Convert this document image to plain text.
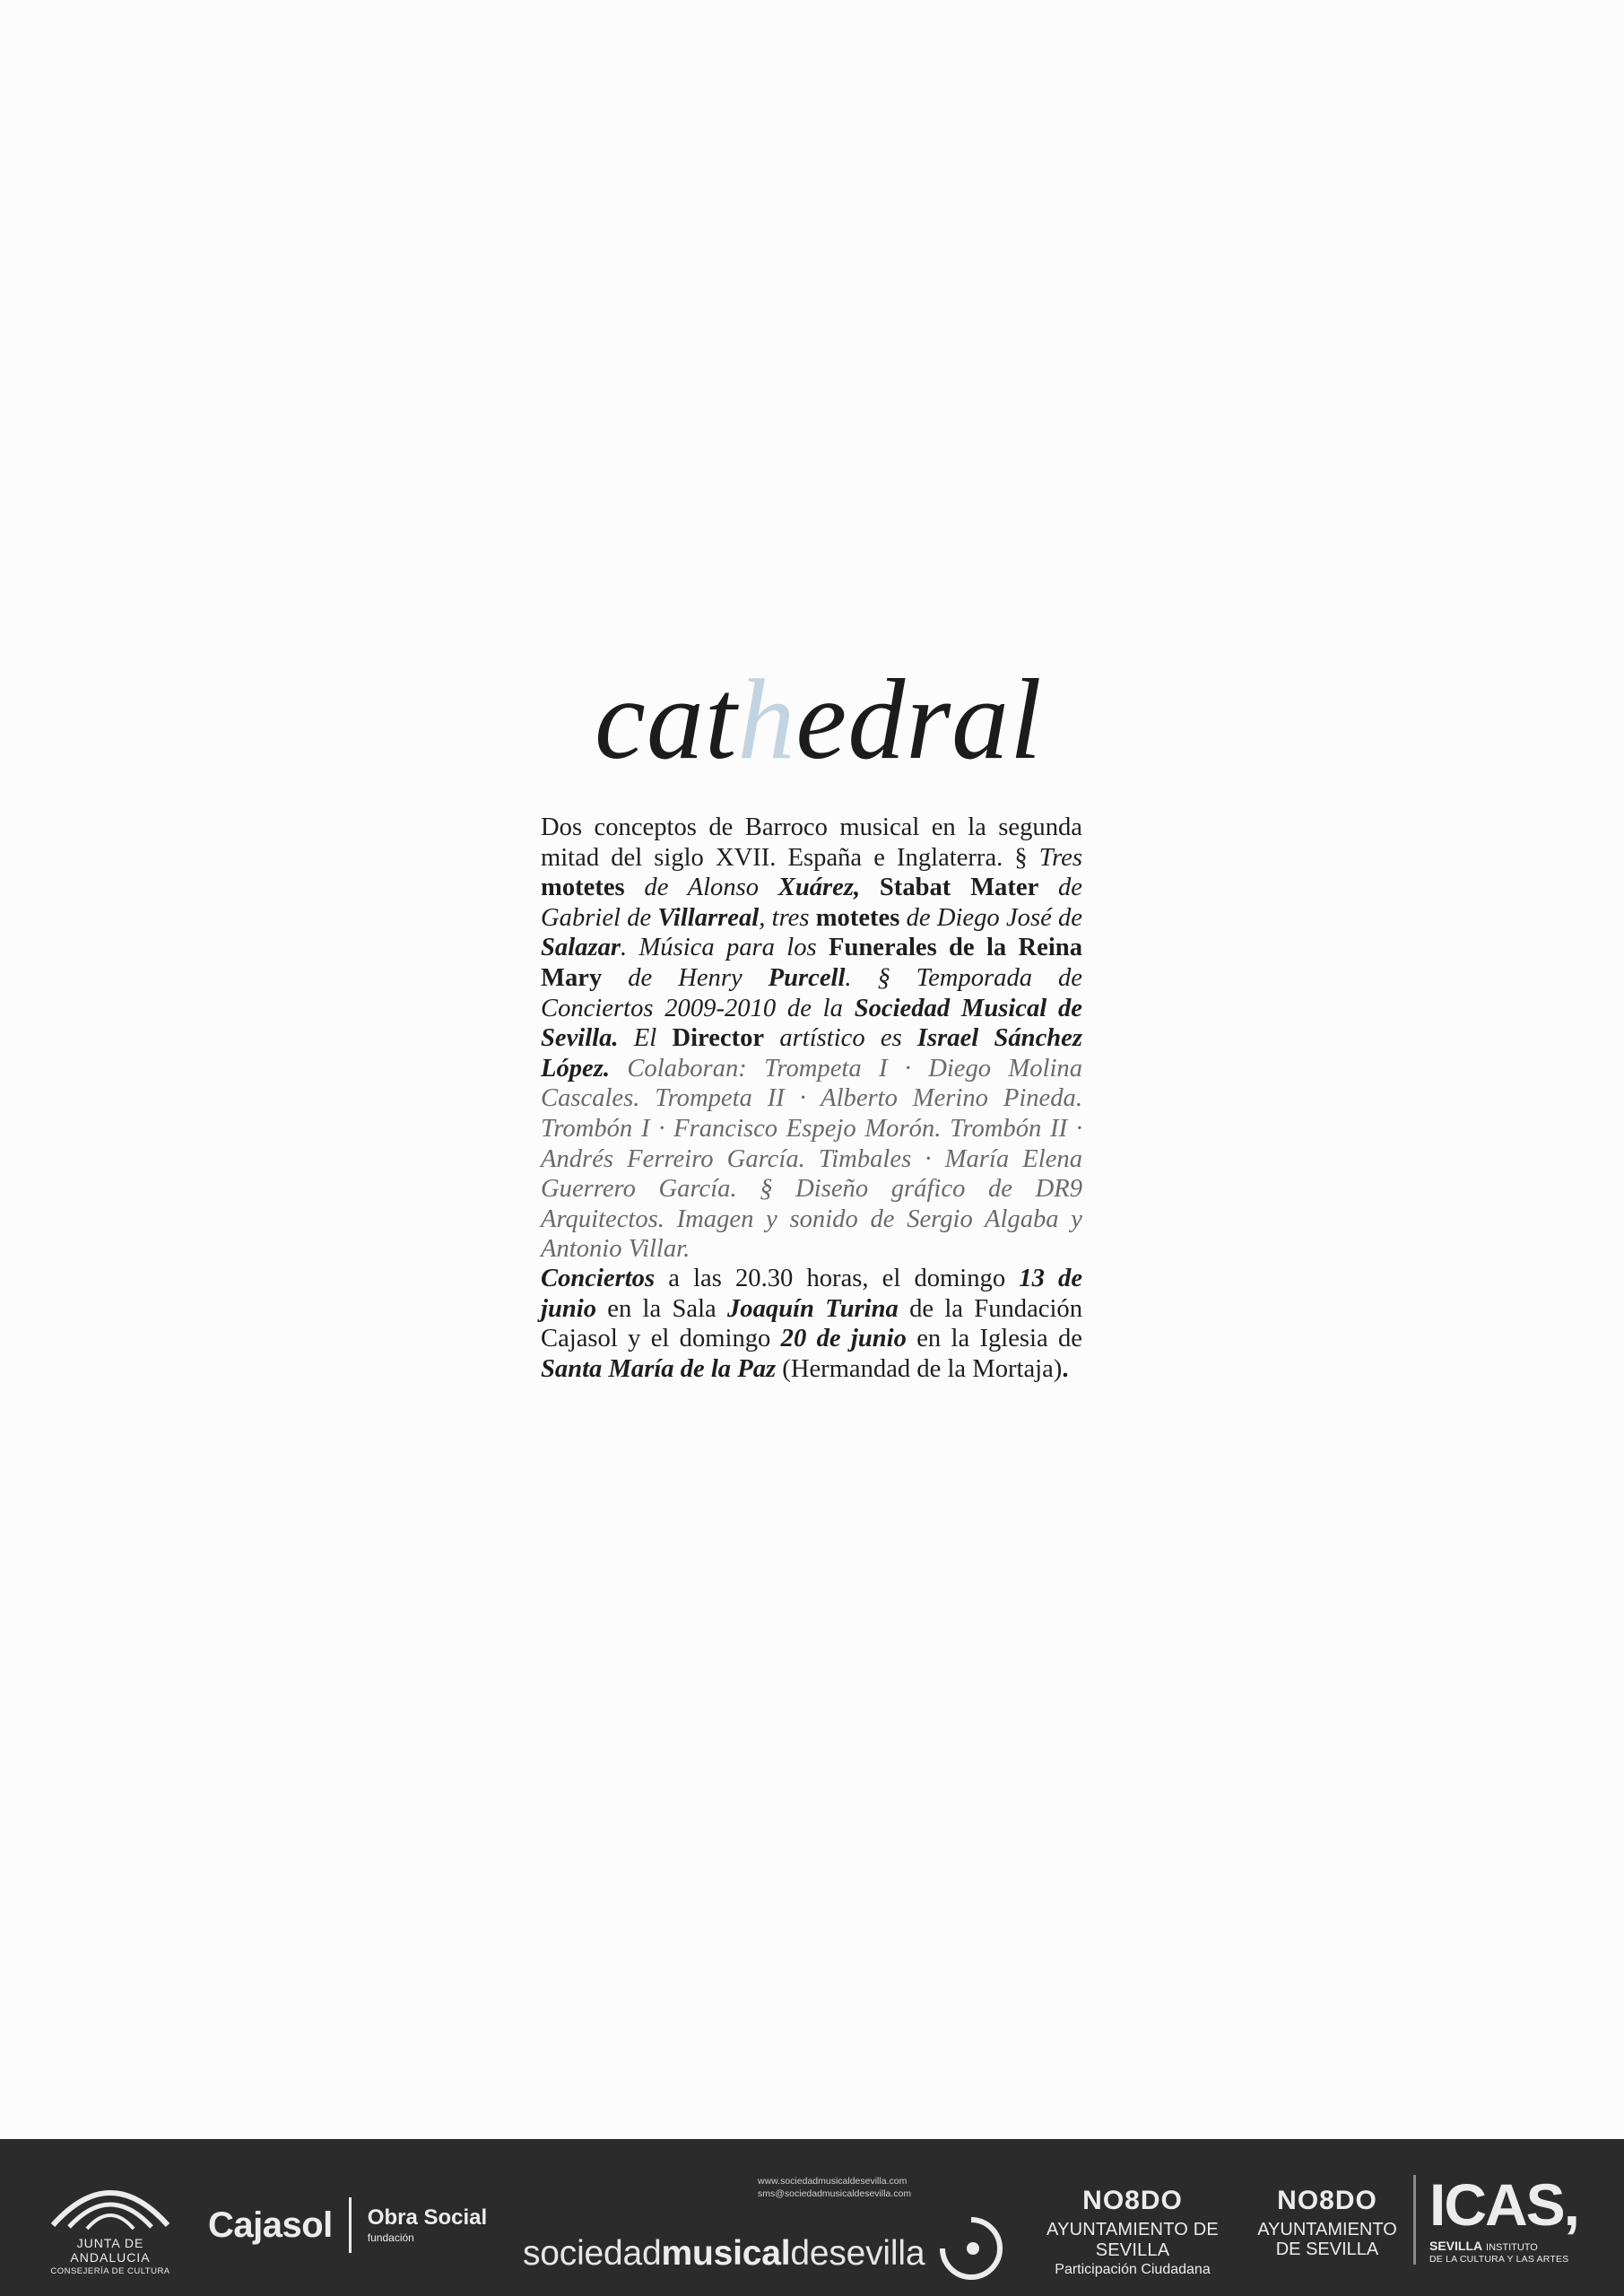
cathedral
Dos conceptos de Barroco musical en la segunda mitad del siglo XVII. España e Inglaterra. § Tres motetes de Alonso Xuárez, Stabat Mater de Gabriel de Villarreal, tres motetes de Diego José de Salazar. Música para los Funerales de la Reina Mary de Henry Purcell. § Temporada de Conciertos 2009-2010 de la Sociedad Musical de Sevilla. El Director artístico es Israel Sánchez López. Colaboran: Trompeta I · Diego Molina Cascales. Trompeta II · Alberto Merino Pineda. Trombón I · Francisco Espejo Morón. Trombón II · Andrés Ferreiro García. Timbales · María Elena Guerrero García. § Diseño gráfico de DR9 Arquitectos. Imagen y sonido de Sergio Algaba y Antonio Villar.
Conciertos a las 20.30 horas, el domingo 13 de junio en la Sala Joaquín Turina de la Fundación Cajasol y el domingo 20 de junio en la Iglesia de Santa María de la Paz (Hermandad de la Mortaja).
JUNTA DE ANDALUCIA
CONSEJERÍA DE CULTURA
Cajasol Obra Social
fundación
www.sociedadmusicaldesevilla.com
sms@sociedadmusicaldesevilla.com
sociedadmusicaldesevilla
NO8DO
AYUNTAMIENTO DE SEVILLA
Participación Ciudadana
NO8DO
AYUNTAMIENTO
DE SEVILLA
ICAS,
SEVILLA INSTITUTO
DE LA CULTURA Y LAS ARTES
